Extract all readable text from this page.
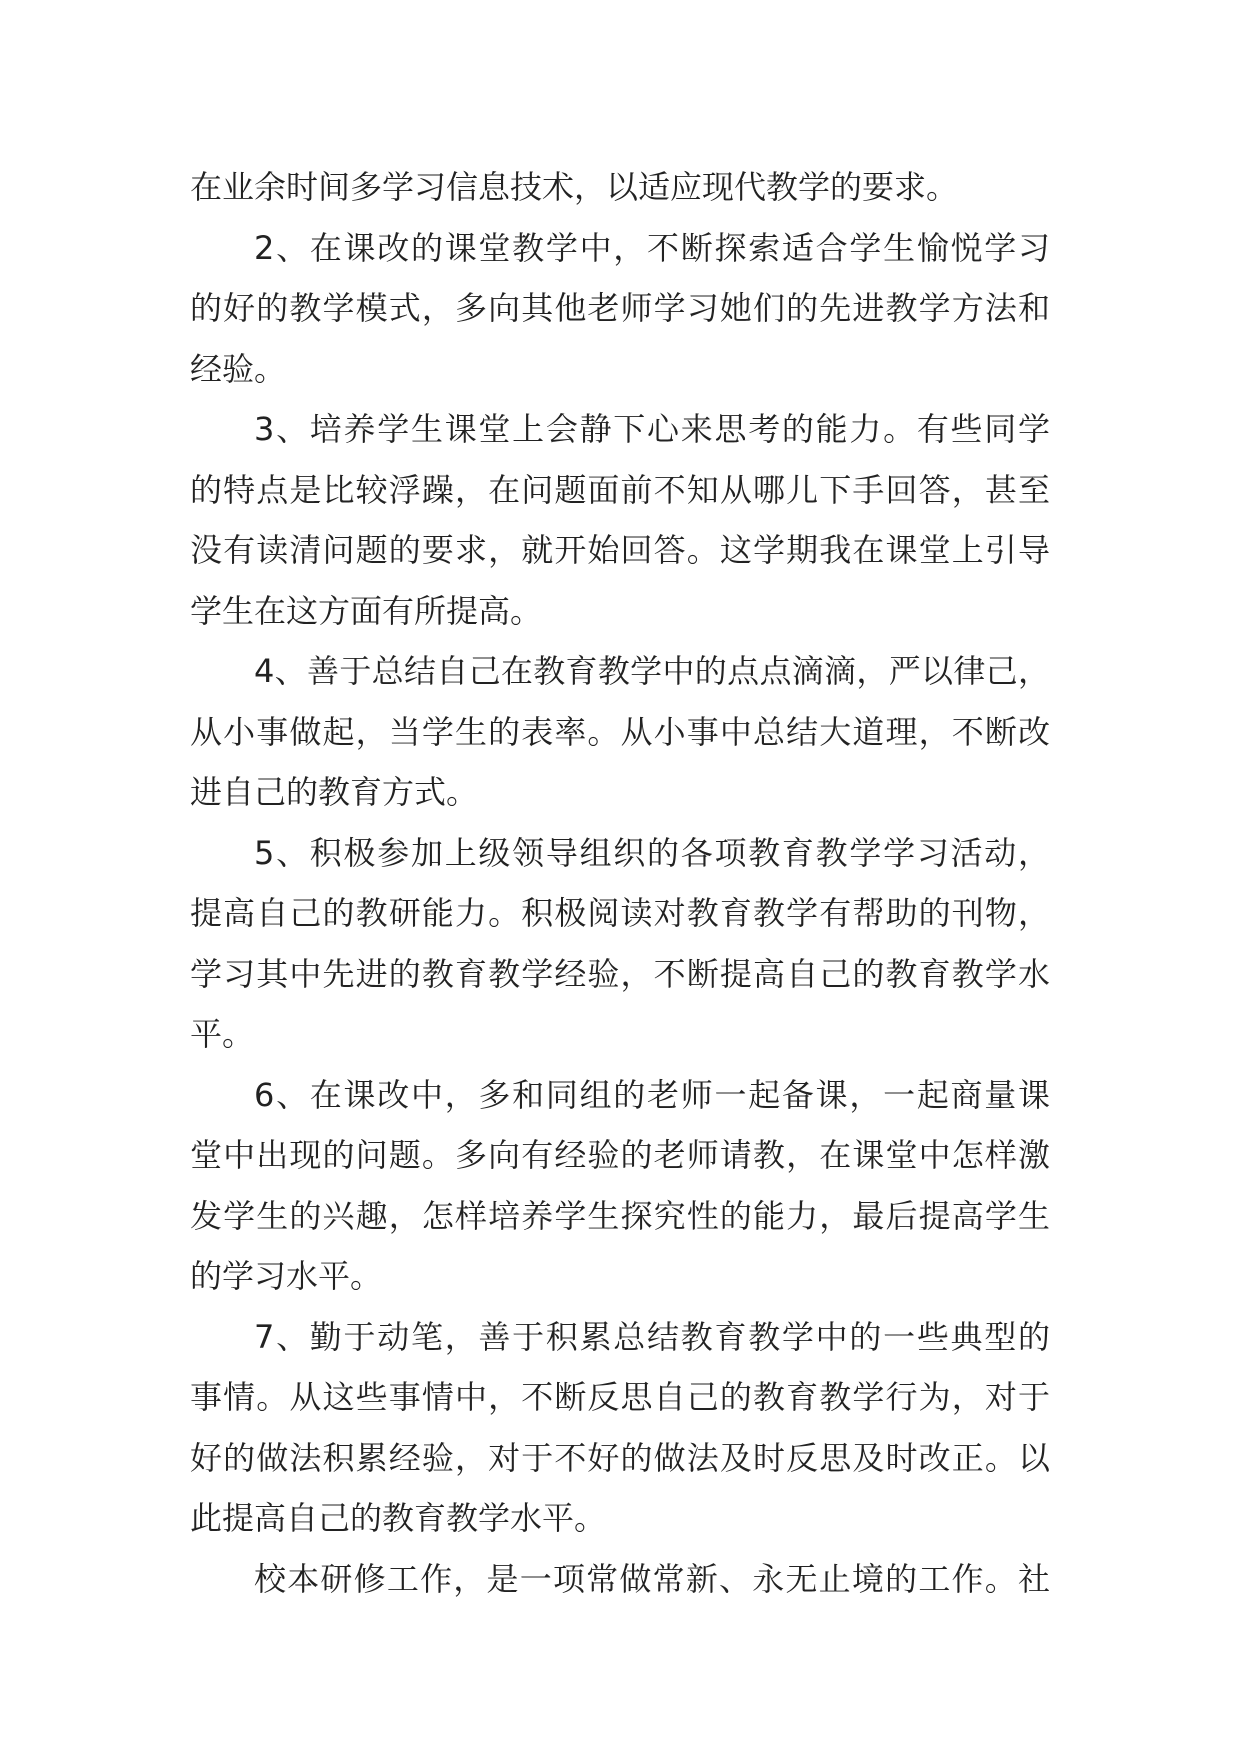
在业余时间多学习信息技术，以适应现代教学的要求。
2、在课改的课堂教学中，不断探索适合学生愉悦学习
的好的教学模式，多向其他老师学习她们的先进教学方法和
经验。
3、培养学生课堂上会静下心来思考的能力。有些同学
的特点是比较浮躁，在问题面前不知从哪儿下手回答，甚至
没有读清问题的要求，就开始回答。这学期我在课堂上引导
学生在这方面有所提高。
4、善于总结自己在教育教学中的点点滴滴，严以律己，
从小事做起，当学生的表率。从小事中总结大道理，不断改
进自己的教育方式。
5、积极参加上级领导组织的各项教育教学学习活动，
提高自己的教研能力。积极阅读对教育教学有帮助的刊物，
学习其中先进的教育教学经验，不断提高自己的教育教学水
平。
6、在课改中，多和同组的老师一起备课，一起商量课
堂中出现的问题。多向有经验的老师请教，在课堂中怎样激
发学生的兴趣，怎样培养学生探究性的能力，最后提高学生
的学习水平。
7、勤于动笔，善于积累总结教育教学中的一些典型的
事情。从这些事情中，不断反思自己的教育教学行为，对于
好的做法积累经验，对于不好的做法及时反思及时改正。以
此提高自己的教育教学水平。
校本研修工作，是一项常做常新、永无止境的工作。社
